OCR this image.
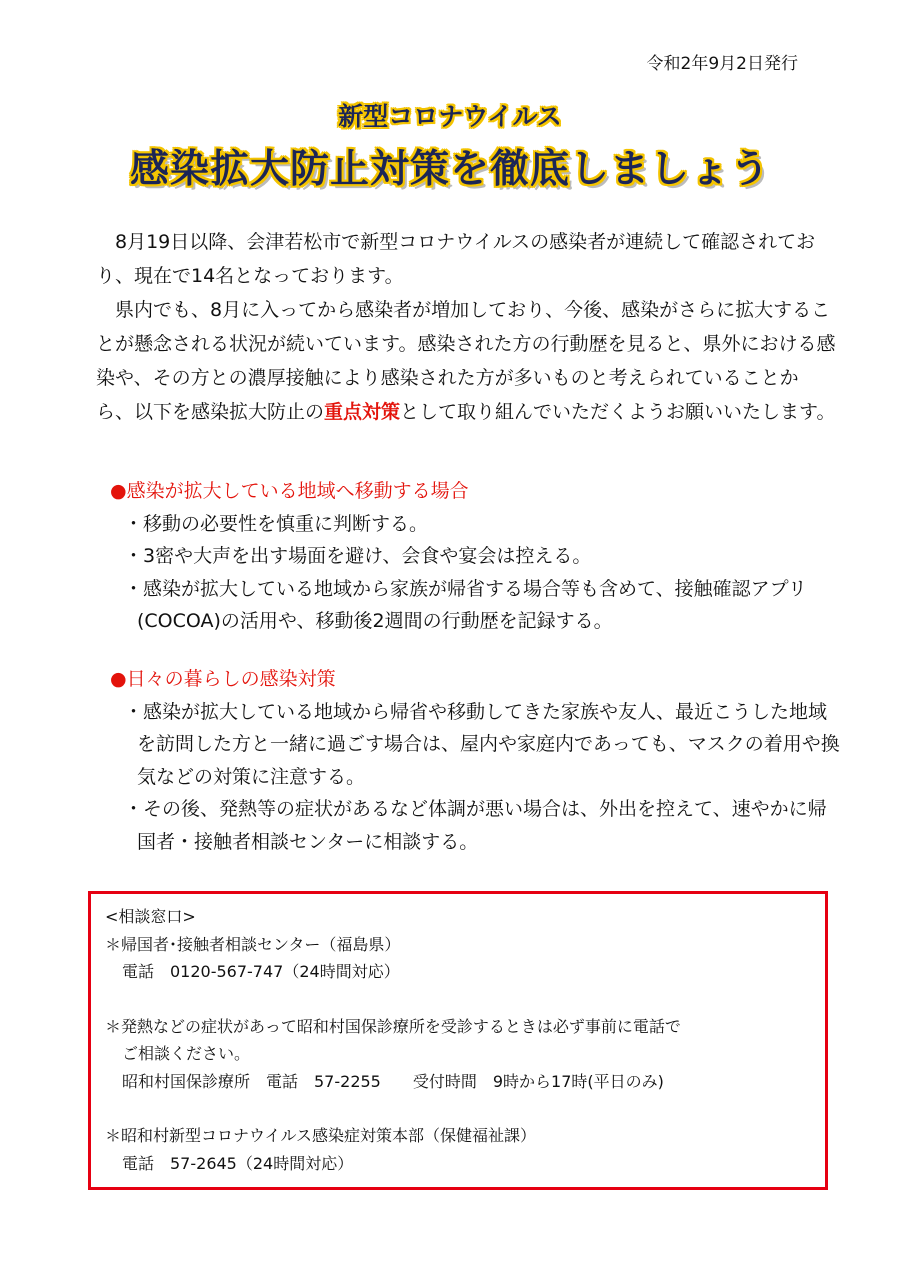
令和2年9月2日発行
新型コロナウイルス
感染拡大防止対策を徹底しましょう

8月19日以降、会津若松市で新型コロナウイルスの感染者が連続して確認されており、現在で14名となっております。

県内でも、8月に入ってから感染者が増加しており、今後、感染がさらに拡大することが懸念される状況が続いています。感染された方の行動歴を見ると、県外における感染や、その方との濃厚接触により感染された方が多いものと考えられていることから、以下を感染拡大防止の重点対策として取り組んでいただくようお願いいたします。

●感染が拡大している地域へ移動する場合
・移動の必要性を慎重に判断する。
・3密や大声を出す場面を避け、会食や宴会は控える。
・感染が拡大している地域から家族が帰省する場合等も含めて、接触確認アプリ(COCOA)の活用や、移動後2週間の行動歴を記録する。
●日々の暮らしの感染対策
・感染が拡大している地域から帰省や移動してきた家族や友人、最近こうした地域を訪問した方と一緒に過ごす場合は、屋内や家庭内であっても、マスクの着用や換気などの対策に注意する。
・その後、発熱等の症状があるなど体調が悪い場合は、外出を控えて、速やかに帰国者・接触者相談センターに相談する。
<相談窓口>
＊帰国者･接触者相談センター（福島県）
電話　0120-567-747（24時間対応）
＊発熱などの症状があって昭和村国保診療所を受診するときは必ず事前に電話で
ご相談ください。
昭和村国保診療所　電話　57-2255　　受付時間　9時から17時(平日のみ)
＊昭和村新型コロナウイルス感染症対策本部（保健福祉課）
電話　57-2645（24時間対応）
